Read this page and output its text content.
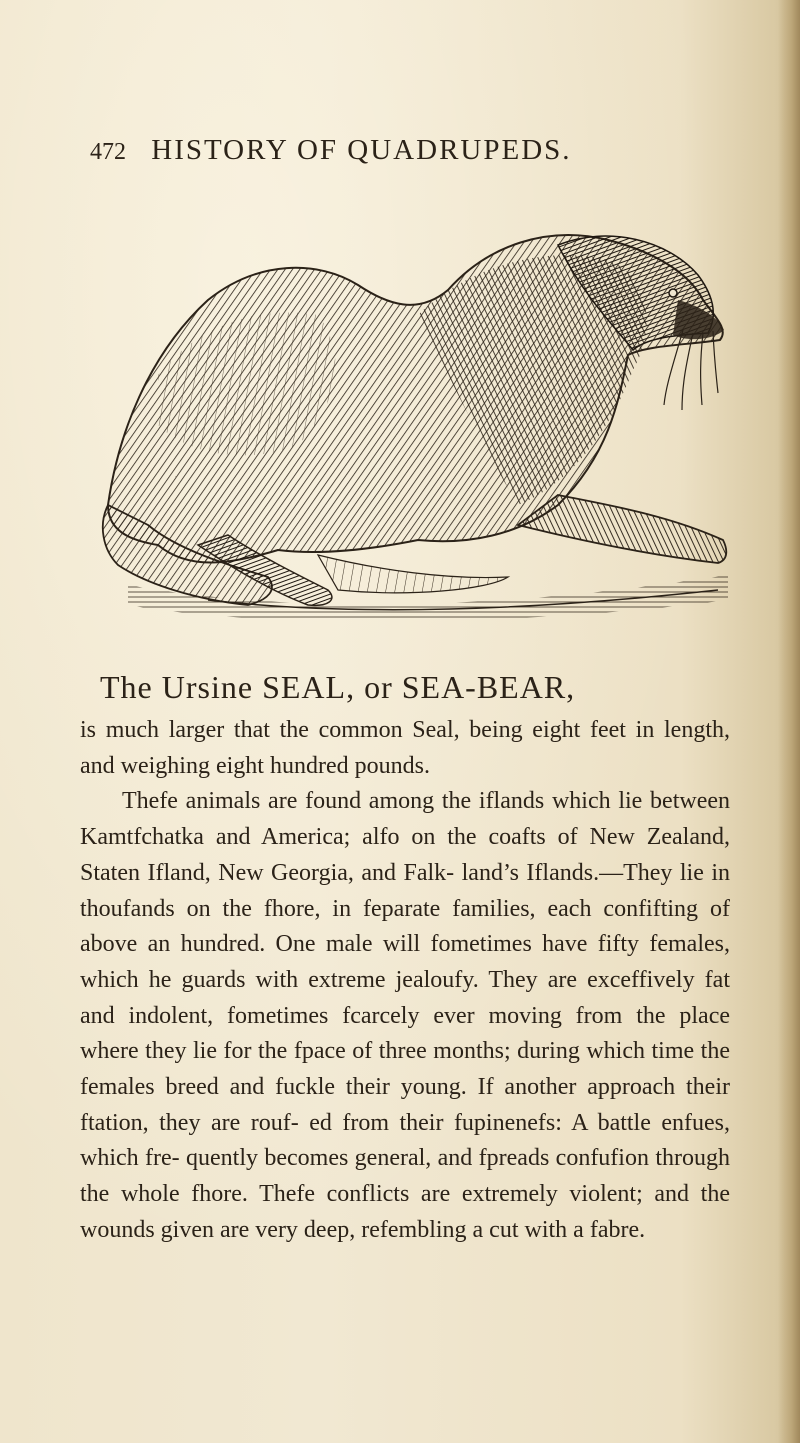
472 HISTORY OF QUADRUPEDS.
The Ursine SEAL, or SEA-BEAR,

is much larger that the common Seal, being eight feet in length, and weighing eight hundred pounds.

Thefe animals are found among the iflands which lie between Kamtfchatka and America; alfo on the coafts of New Zealand, Staten Ifland, New Georgia, and Falk- land’s Iflands.—They lie in thoufands on the fhore, in feparate families, each confifting of above an hundred. One male will fometimes have fifty females, which he guards with extreme jealoufy. They are exceffively fat and indolent, fometimes fcarcely ever moving from the place where they lie for the fpace of three months; during which time the females breed and fuckle their young. If another approach their ftation, they are rouf- ed from their fupinenefs: A battle enfues, which fre- quently becomes general, and fpreads confufion through the whole fhore. Thefe conflicts are extremely violent; and the wounds given are very deep, refembling a cut with a fabre.
